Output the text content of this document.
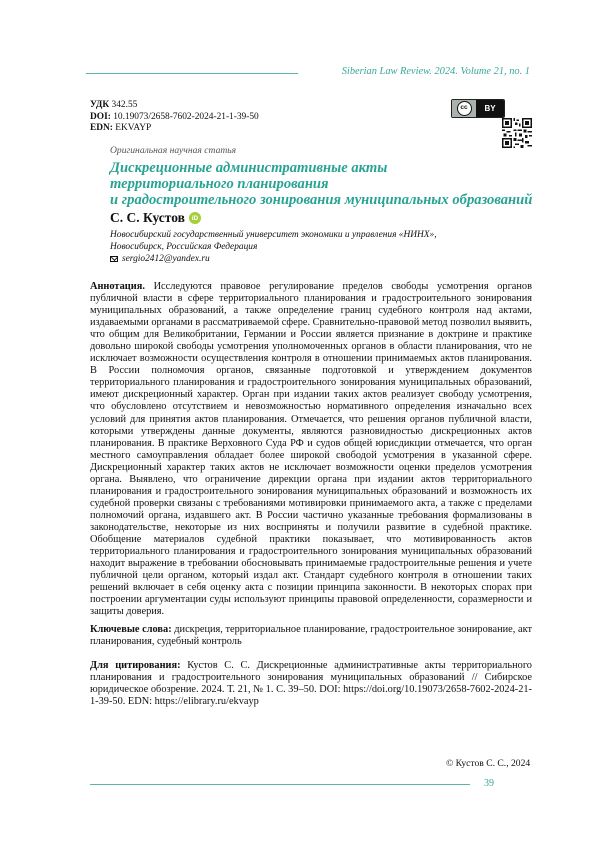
Siberian Law Review. 2024. Volume 21, no. 1
УДК 342.55
DOI: 10.19073/2658-7602-2024-21-1-39-50
EDN: EKVAYP
cc	BY
Оригинальная научная статья
Дискреционные административные акты
территориального планирования
и градостроительного зонирования муниципальных образований
С. С. Кустов	iD
Новосибирский государственный университет экономики и управления «НИНХ»,
Новосибирск, Российская Федерация
sergio2412@yandex.ru
Аннотация. Исследуются правовое регулирование пределов свободы усмотрения органов публичной власти в сфере территориального планирования и градостроительного зонирования муниципальных образований, а также определение границ судебного контроля над актами, издаваемыми органами в рассматриваемой сфере. Сравнительно-правовой метод позволил выявить, что общим для Великобритании, Германии и России является признание в доктрине и практике довольно широкой свободы усмотрения уполномоченных органов в области планирования, что не исключает возможности осуществления контроля в отношении принимаемых актов планирования. В России полномочия органов, связанные подготовкой и утверждением документов территориального планирования и градостроительного зонирования муниципальных образований, имеют дискреционный характер. Орган при издании таких актов реализует свободу усмотрения, что обусловлено отсутствием и невозможностью нормативного определения изначально всех условий для принятия актов планирования. Отмечается, что решения органов публичной власти, которыми утверждены данные документы, являются разновидностью дискреционных актов планирования. В практике Верховного Суда РФ и судов общей юрисдикции отмечается, что орган местного самоуправления обладает более широкой свободой усмотрения в указанной сфере. Дискреционный характер таких актов не исключает возможности оценки пределов усмотрения органа. Выявлено, что ограничение дирекции органа при издании актов территориального планирования и градостроительного зонирования муниципальных образований и возможность их судебной проверки связаны с требованиями мотивировки принимаемого акта, а также с пределами полномочий органа, издавшего акт. В России частично указанные требования формализованы в законодательстве, некоторые из них восприняты и получили развитие в судебной практике. Обобщение материалов судебной практики показывает, что мотивированность актов территориального планирования и градостроительного зонирования муниципальных образований находит выражение в требовании обосновывать принимаемые градостроительные решения и учете публичной цели органом, который издал акт. Стандарт судебного контроля в отношении таких решений включает в себя оценку акта с позиции принципа законности. В некоторых спорах при построении аргументации суды используют принципы правовой определенности, соразмерности и защиты доверия.
Ключевые слова: дискреция, территориальное планирование, градостроительное зонирование, акт планирования, судебный контроль
Для цитирования: Кустов С. С. Дискреционные административные акты территориального планирования и градостроительного зонирования муниципальных образований // Сибирское юридическое обозрение. 2024. Т. 21, № 1. С. 39–50. DOI: https://doi.org/10.19073/2658-7602-2024-21-1-39-50. EDN: https://elibrary.ru/ekvayp
© Кустов С. С., 2024
39
